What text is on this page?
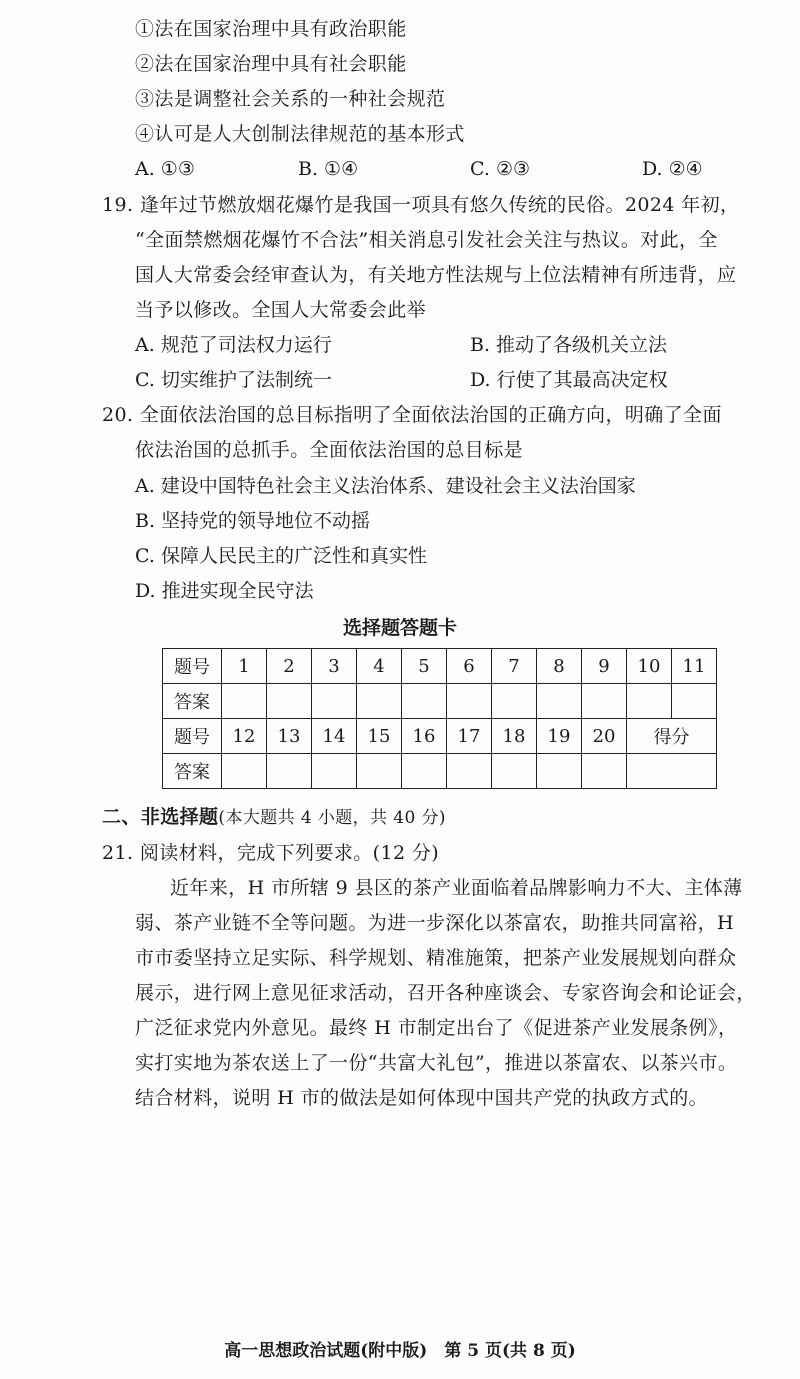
①法在国家治理中具有政治职能
②法在国家治理中具有社会职能
③法是调整社会关系的一种社会规范
④认可是人大创制法律规范的基本形式
A. ①③	B. ①④	C. ②③	D. ②④
19. 逢年过节燃放烟花爆竹是我国一项具有悠久传统的民俗。2024 年初，
“全面禁燃烟花爆竹不合法”相关消息引发社会关注与热议。对此，全
国人大常委会经审查认为，有关地方性法规与上位法精神有所违背，应
当予以修改。全国人大常委会此举
A. 规范了司法权力运行	B. 推动了各级机关立法
C. 切实维护了法制统一	D. 行使了其最高决定权
20. 全面依法治国的总目标指明了全面依法治国的正确方向，明确了全面
依法治国的总抓手。全面依法治国的总目标是
A. 建设中国特色社会主义法治体系、建设社会主义法治国家
B. 坚持党的领导地位不动摇
C. 保障人民民主的广泛性和真实性
D. 推进实现全民守法
选择题答题卡
题号	1	2	3	4	5	6	7	8	9	10	11
答案											
题号	12	13	14	15	16	17	18	19	20	得分	
答案											
二、非选择题(本大题共 4 小题，共 40 分)
21. 阅读材料，完成下列要求。(12 分)
近年来，H 市所辖 9 县区的茶产业面临着品牌影响力不大、主体薄
弱、茶产业链不全等问题。为进一步深化以茶富农，助推共同富裕，H
市市委坚持立足实际、科学规划、精准施策，把茶产业发展规划向群众
展示，进行网上意见征求活动，召开各种座谈会、专家咨询会和论证会，
广泛征求党内外意见。最终 H 市制定出台了《促进茶产业发展条例》，
实打实地为茶农送上了一份“共富大礼包”，推进以茶富农、以茶兴市。
结合材料，说明 H 市的做法是如何体现中国共产党的执政方式的。
高一思想政治试题(附中版)　第 5 页(共 8 页)
